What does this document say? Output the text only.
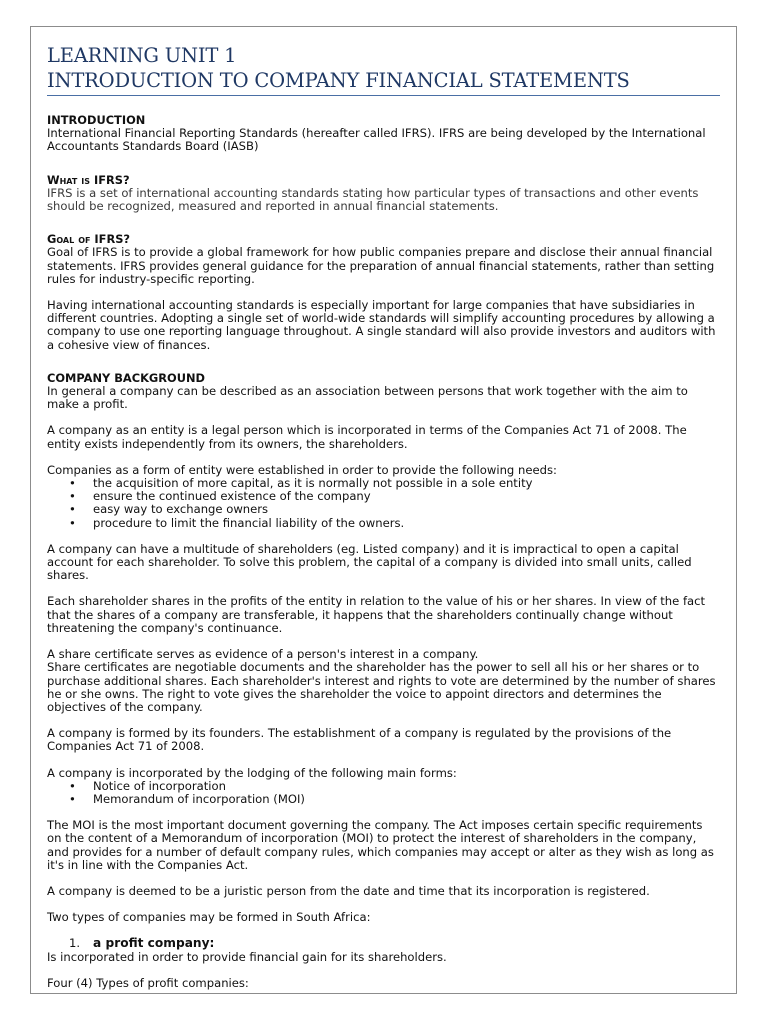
LEARNING UNIT 1
INTRODUCTION TO COMPANY FINANCIAL STATEMENTS
INTRODUCTION

International Financial Reporting Standards (hereafter called IFRS). IFRS are being developed by the International Accountants Standards Board (IASB)

What is IFRS?

IFRS is a set of international accounting standards stating how particular types of transactions and other events should be recognized, measured and reported in annual financial statements.

Goal of IFRS?

Goal of IFRS is to provide a global framework for how public companies prepare and disclose their annual financial statements. IFRS provides general guidance for the preparation of annual financial statements, rather than setting rules for industry-specific reporting.

Having international accounting standards is especially important for large companies that have subsidiaries in different countries. Adopting a single set of world-wide standards will simplify accounting procedures by allowing a company to use one reporting language throughout. A single standard will also provide investors and auditors with a cohesive view of finances.

COMPANY BACKGROUND

In general a company can be described as an association between persons that work together with the aim to make a profit.

A company as an entity is a legal person which is incorporated in terms of the Companies Act 71 of 2008. The entity exists independently from its owners, the shareholders.

Companies as a form of entity were established in order to provide the following needs:

• the acquisition of more capital, as it is normally not possible in a sole entity
• ensure the continued existence of the company
• easy way to exchange owners
• procedure to limit the financial liability of the owners.

A company can have a multitude of shareholders (eg. Listed company) and it is impractical to open a capital account for each shareholder. To solve this problem, the capital of a company is divided into small units, called shares.

Each shareholder shares in the profits of the entity in relation to the value of his or her shares. In view of the fact that the shares of a company are transferable, it happens that the shareholders continually change without threatening the company's continuance.

A share certificate serves as evidence of a person's interest in a company.

Share certificates are negotiable documents and the shareholder has the power to sell all his or her shares or to purchase additional shares. Each shareholder's interest and rights to vote are determined by the number of shares he or she owns. The right to vote gives the shareholder the voice to appoint directors and determines the objectives of the company.

A company is formed by its founders. The establishment of a company is regulated by the provisions of the Companies Act 71 of 2008.

A company is incorporated by the lodging of the following main forms:

• Notice of incorporation
• Memorandum of incorporation (MOI)

The MOI is the most important document governing the company. The Act imposes certain specific requirements on the content of a Memorandum of incorporation (MOI) to protect the interest of shareholders in the company, and provides for a number of default company rules, which companies may accept or alter as they wish as long as it's in line with the Companies Act.

A company is deemed to be a juristic person from the date and time that its incorporation is registered.

Two types of companies may be formed in South Africa:

1. a profit company:

Is incorporated in order to provide financial gain for its shareholders.

Four (4) Types of profit companies:
